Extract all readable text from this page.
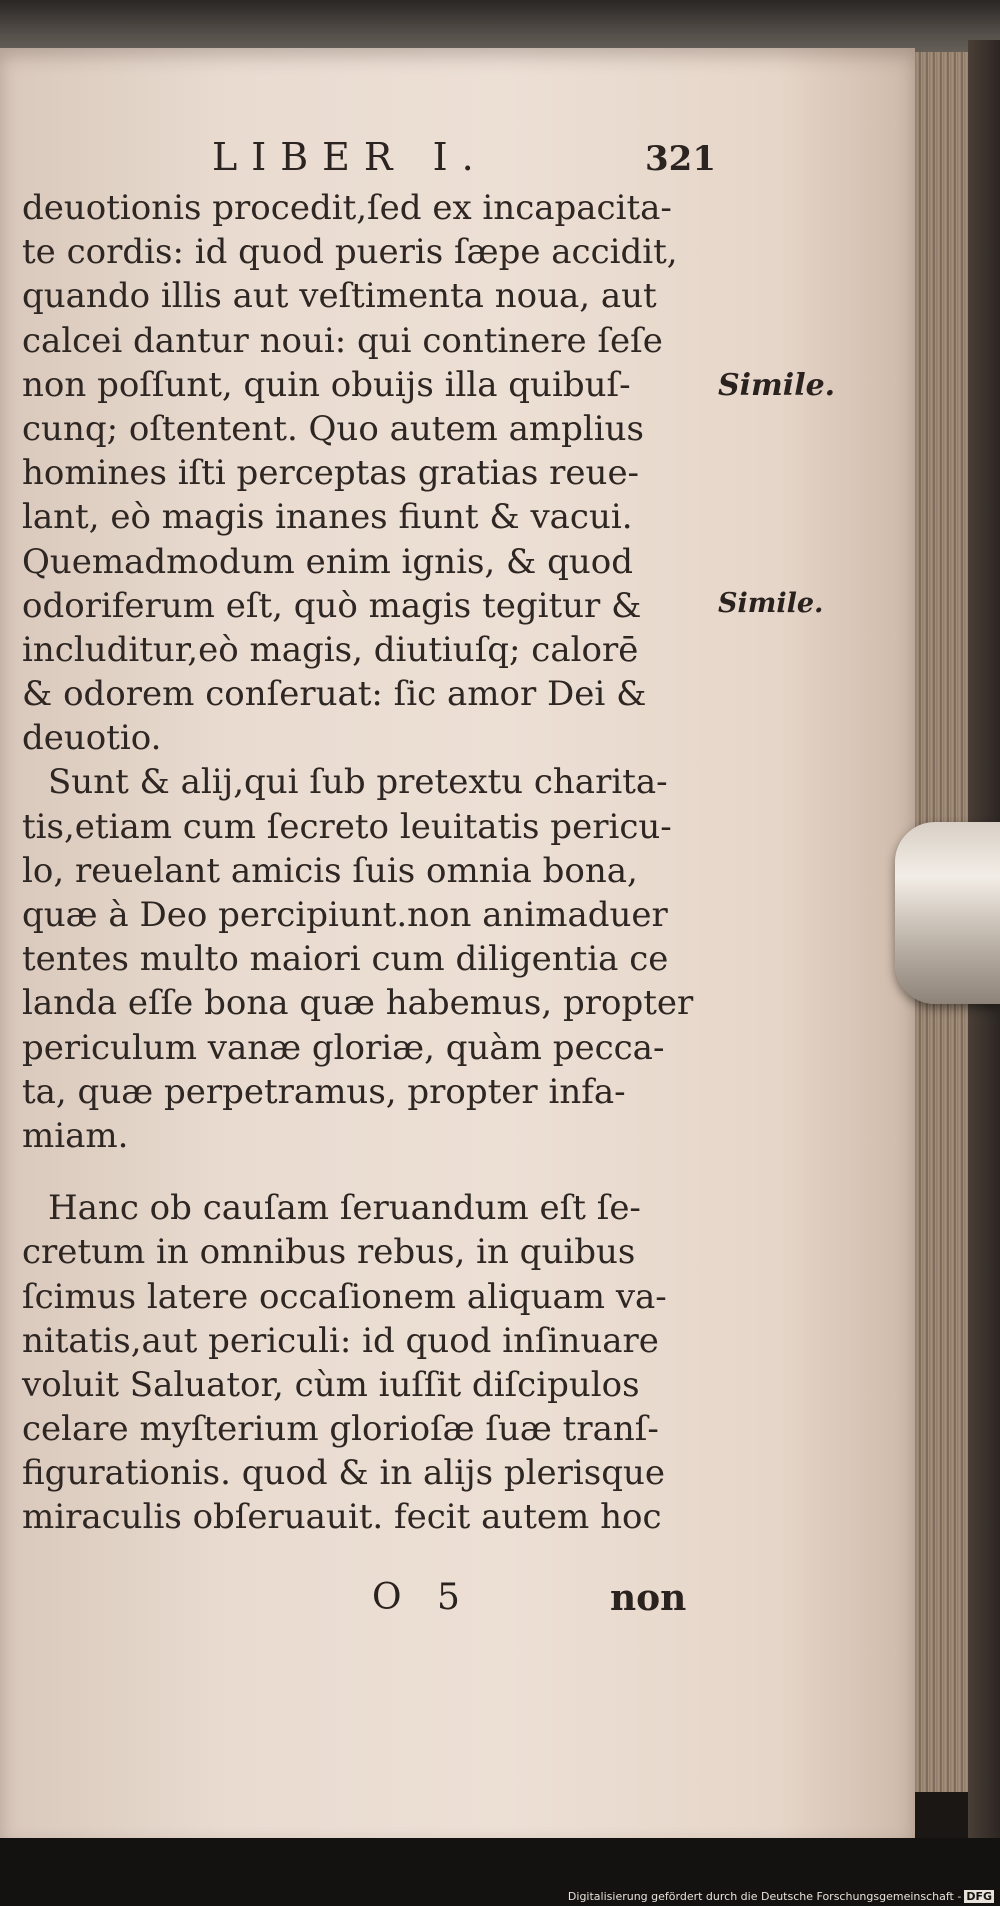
LIBER I.	321
deuotionis procedit,ſed ex incapacita-
te cordis: id quod pueris ſæpe accidit,
quando illis aut veſtimenta noua, aut
calcei dantur noui: qui continere ſeſe
non poſſunt, quin obuijs illa quibuſ-
cunq; oſtentent. Quo autem amplius
homines iſti perceptas gratias reue-
lant, eò magis inanes fiunt & vacui.
Quemadmodum enim ignis, & quod
odoriferum eſt, quò magis tegitur &
includitur,eò magis, diutiuſq; calorē
& odorem conſeruat: ſic amor Dei &
deuotio.
Sunt & alij,qui ſub pretextu charita-
tis,etiam cum ſecreto leuitatis pericu-
lo, reuelant amicis ſuis omnia bona,
quæ à Deo percipiunt.non animaduer
tentes multo maiori cum diligentia ce
landa eſſe bona quæ habemus, propter
periculum vanæ gloriæ, quàm pecca-
ta, quæ perpetramus, propter infa-
miam.
Hanc ob cauſam ſeruandum eſt ſe-
cretum in omnibus rebus, in quibus
ſcimus latere occaſionem aliquam va-
nitatis,aut periculi: id quod inſinuare
voluit Saluator, cùm iuſſit diſcipulos
celare myſterium glorioſæ ſuæ tranſ-
figurationis. quod & in alijs plerisque
miraculis obſeruauit. fecit autem hoc
Simile.
Simile.
O 5	non
Digitalisierung gefördert durch die Deutsche Forschungsgemeinschaft - DFG
